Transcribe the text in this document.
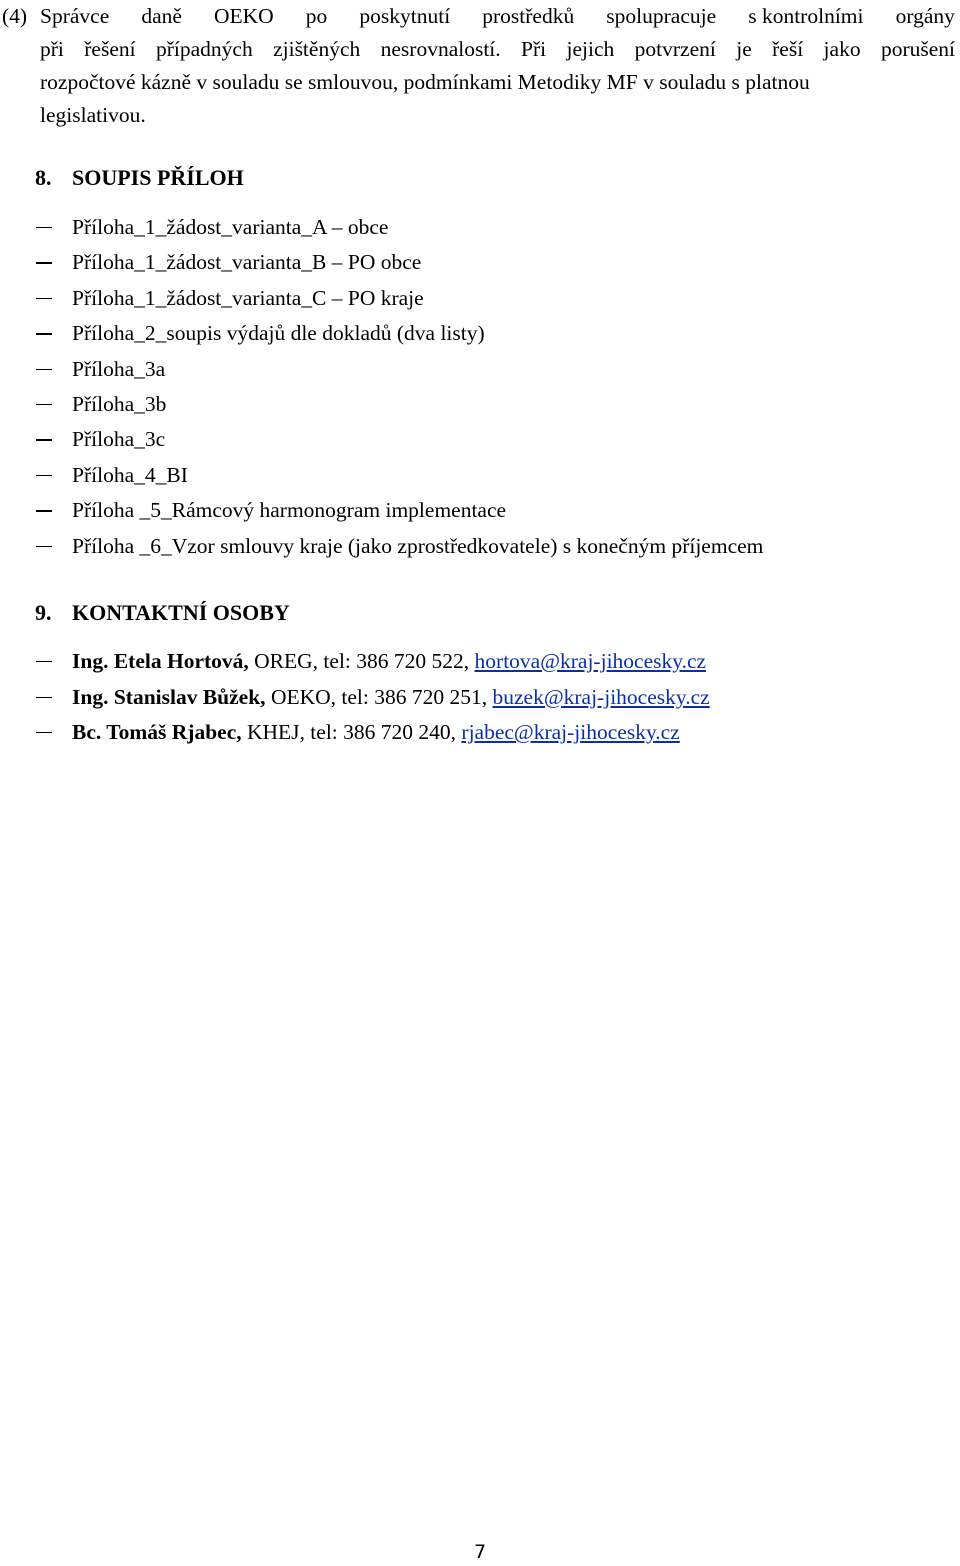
(4) Správce daně OEKO po poskytnutí prostředků spolupracuje s kontrolními orgány
při řešení případných zjištěných nesrovnalostí. Při jejich potvrzení je řeší jako porušení
rozpočtové kázně v souladu se smlouvou, podmínkami Metodiky MF v souladu s platnou
legislativou.
8. SOUPIS PŘÍLOH
Příloha_1_žádost_varianta_A – obce
Příloha_1_žádost_varianta_B – PO obce
Příloha_1_žádost_varianta_C – PO kraje
Příloha_2_soupis výdajů dle dokladů (dva listy)
Příloha_3a
Příloha_3b
Příloha_3c
Příloha_4_BI
Příloha _5_Rámcový harmonogram implementace
Příloha _6_Vzor smlouvy kraje (jako zprostředkovatele) s konečným příjemcem
9. KONTAKTNÍ OSOBY
Ing. Etela Hortová, OREG, tel: 386 720 522, hortova@kraj-jihocesky.cz
Ing. Stanislav Bůžek, OEKO, tel: 386 720 251, buzek@kraj-jihocesky.cz
Bc. Tomáš Rjabec, KHEJ, tel: 386 720 240, rjabec@kraj-jihocesky.cz
7
